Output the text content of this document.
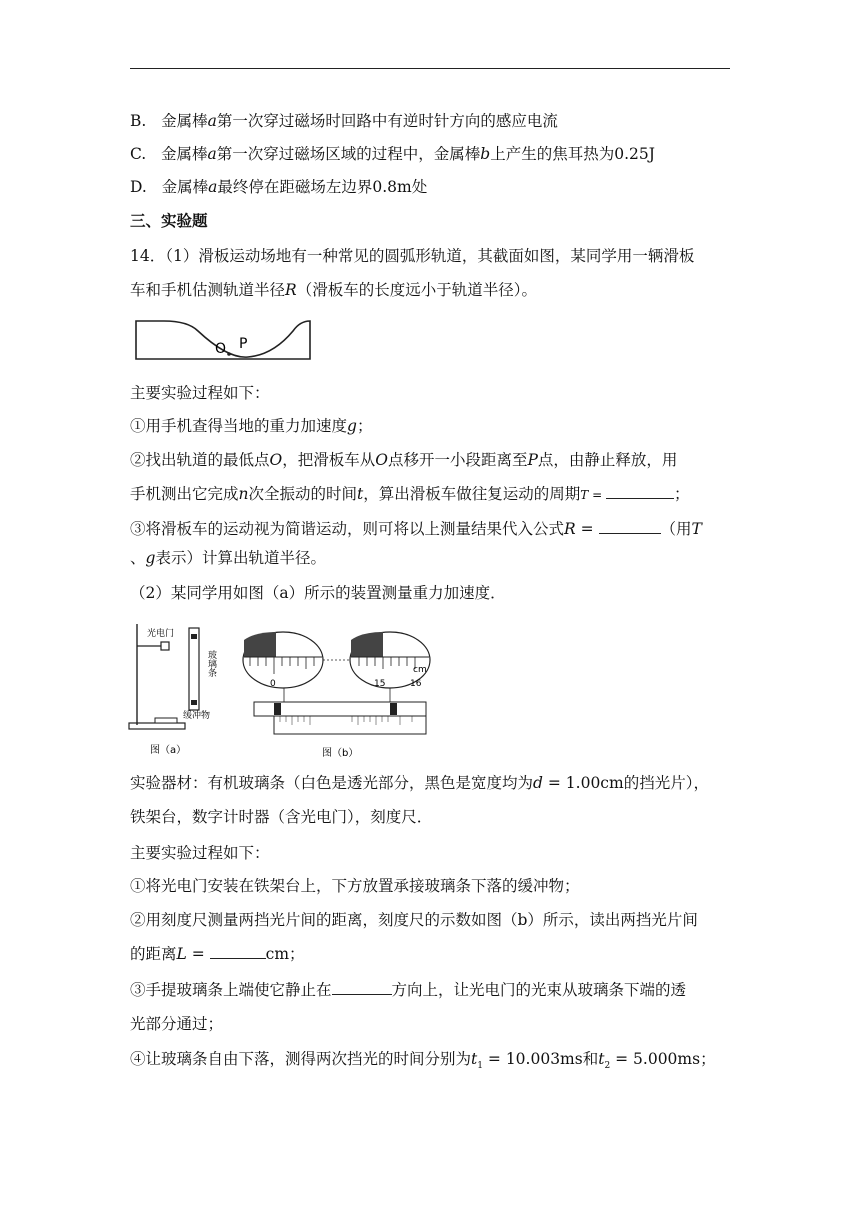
B. 金属棒a第一次穿过磁场时回路中有逆时针方向的感应电流
C. 金属棒a第一次穿过磁场区域的过程中，金属棒b上产生的焦耳热为0.25J
D. 金属棒a最终停在距磁场左边界0.8m处
三、实验题
14．（1）滑板运动场地有一种常见的圆弧形轨道，其截面如图，某同学用一辆滑板
车和手机估测轨道半径R（滑板车的长度远小于轨道半径）。
O P
主要实验过程如下：
①用手机查得当地的重力加速度g；
②找出轨道的最低点O，把滑板车从O点移开一小段距离至P点，由静止释放，用
手机测出它完成n次全振动的时间t，算出滑板车做往复运动的周期T =	；
③将滑板车的运动视为简谐运动，则可将以上测量结果代入公式R =	（用T
、g表示）计算出轨道半径。
（2）某同学用如图（a）所示的装置测量重力加速度．
光电门
玻璃条
缓冲物
图（a）
0	15	16
cm
图（b）
实验器材：有机玻璃条（白色是透光部分，黑色是宽度均为d = 1.00cm的挡光片），
铁架台，数字计时器（含光电门），刻度尺．
主要实验过程如下：
①将光电门安装在铁架台上，下方放置承接玻璃条下落的缓冲物；
②用刻度尺测量两挡光片间的距离，刻度尺的示数如图（b）所示，读出两挡光片间
的距离L =	cm；
③手提玻璃条上端使它静止在	方向上，让光电门的光束从玻璃条下端的透
光部分通过；
④让玻璃条自由下落，测得两次挡光的时间分别为$t_1 = 10.003ms$和$t_2 = 5.000ms$；
